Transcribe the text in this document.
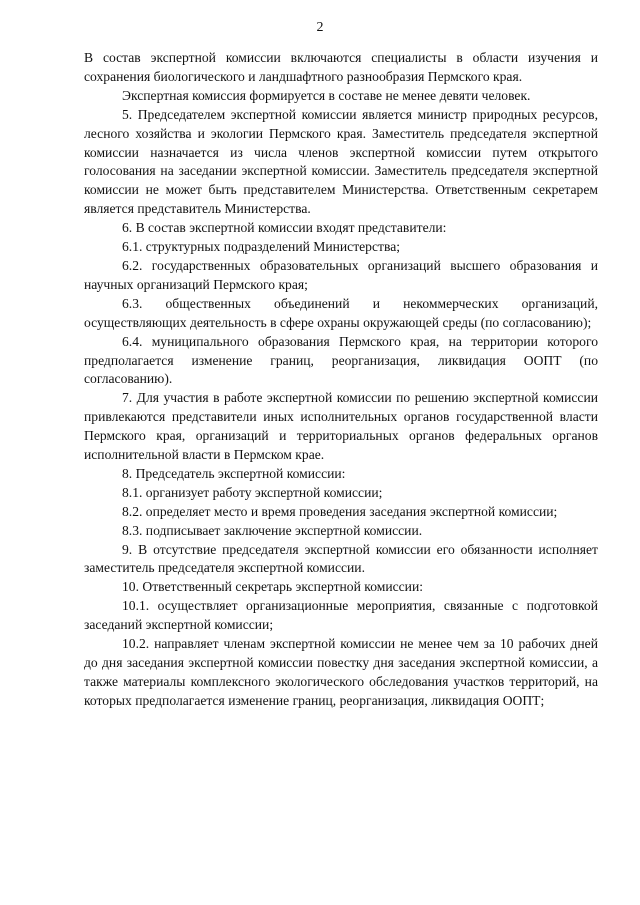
2

В состав экспертной комиссии включаются специалисты в области изучения и сохранения биологического и ландшафтного разнообразия Пермского края.

Экспертная комиссия формируется в составе не менее девяти человек.

5. Председателем экспертной комиссии является министр природных ресурсов, лесного хозяйства и экологии Пермского края. Заместитель председателя экспертной комиссии назначается из числа членов экспертной комиссии путем открытого голосования на заседании экспертной комиссии. Заместитель председателя экспертной комиссии не может быть представителем Министерства. Ответственным секретарем является представитель Министерства.

6. В состав экспертной комиссии входят представители:

6.1. структурных подразделений Министерства;

6.2. государственных образовательных организаций высшего образования и научных организаций Пермского края;

6.3. общественных объединений и некоммерческих организаций, осуществляющих деятельность в сфере охраны окружающей среды (по согласованию);

6.4. муниципального образования Пермского края, на территории которого предполагается изменение границ, реорганизация, ликвидация ООПТ (по согласованию).

7. Для участия в работе экспертной комиссии по решению экспертной комиссии привлекаются представители иных исполнительных органов государственной власти Пермского края, организаций и территориальных органов федеральных органов исполнительной власти в Пермском крае.

8. Председатель экспертной комиссии:

8.1. организует работу экспертной комиссии;

8.2. определяет место и время проведения заседания экспертной комиссии;

8.3. подписывает заключение экспертной комиссии.

9. В отсутствие председателя экспертной комиссии его обязанности исполняет заместитель председателя экспертной комиссии.

10. Ответственный секретарь экспертной комиссии:

10.1. осуществляет организационные мероприятия, связанные с подготовкой заседаний экспертной комиссии;

10.2. направляет членам экспертной комиссии не менее чем за 10 рабочих дней до дня заседания экспертной комиссии повестку дня заседания экспертной комиссии, а также материалы комплексного экологического обследования участков территорий, на которых предполагается изменение границ, реорганизация, ликвидация ООПТ;
